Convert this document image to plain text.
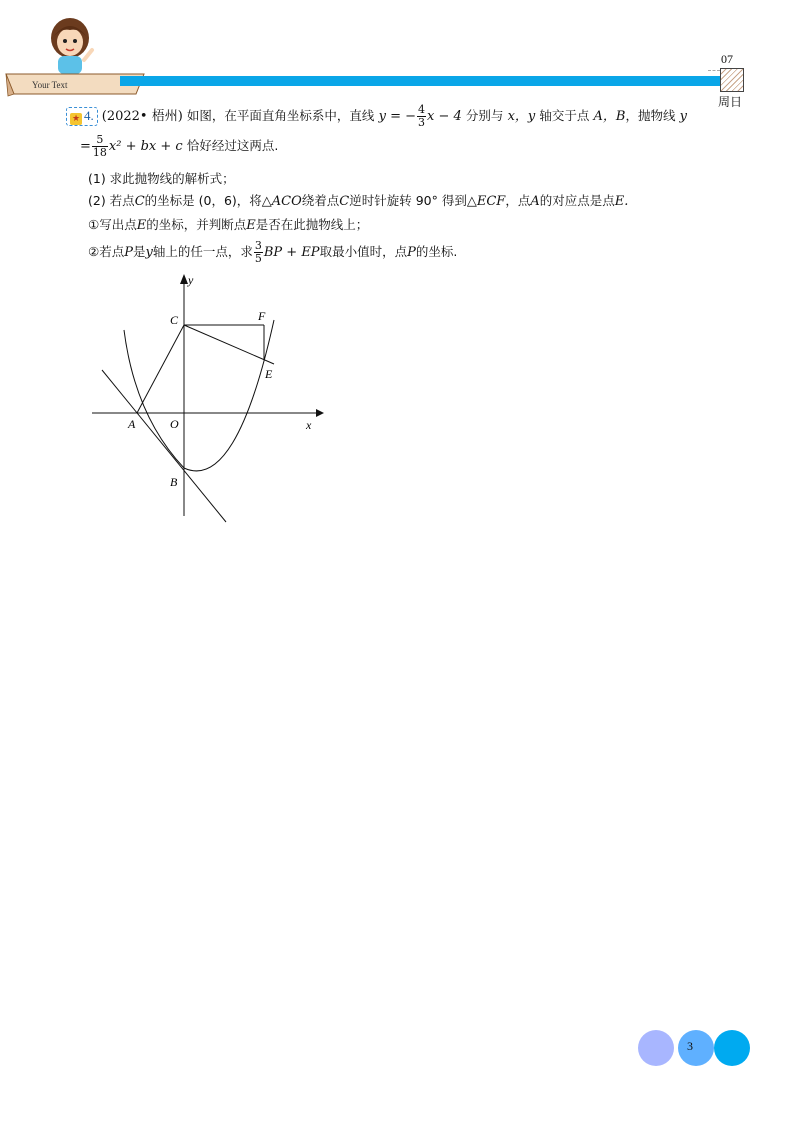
Your Text
07
周日
★ 4. (2022• 梧州) 如图，在平面直角坐标系中，直线 y = − $\frac{4}{3}$ x − 4 分别与 x，y 轴交于点 A，B，抛物线 y
= $\frac{5}{18} x^2$ + bx + c 恰好经过这两点.
(1) 求此抛物线的解析式；
(2) 若点C的坐标是 (0，6)，将△ACO绕着点C逆时针旋转 90° 得到△ECF，点A的对应点是点E.
①写出点E的坐标，并判断点E是否在此抛物线上；
②若点P是y轴上的任一点，求 $\frac{3}{5}$ BP + EP取最小值时，点P的坐标.
y
x
C	F
E
A	O
B
3
